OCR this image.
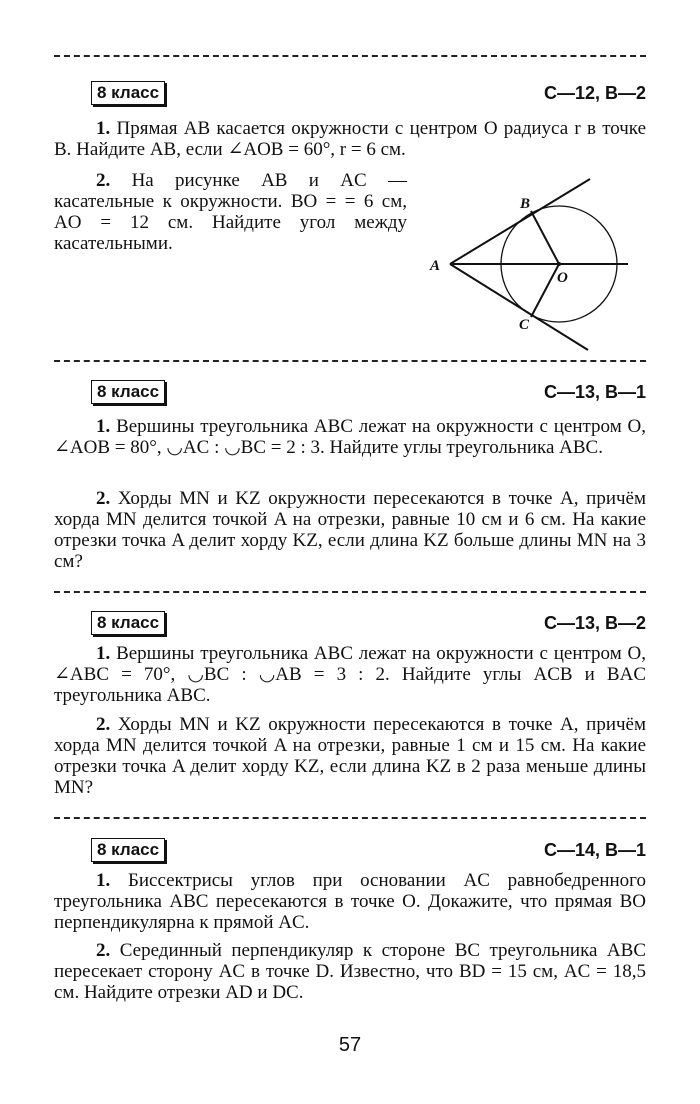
8 класс	С—12, В—2
1. Прямая AB касается окружности с центром O радиуса r в точке B. Найдите AB, если ∠AOB = 60°, r = 6 см.
2. На рисунке AB и AC — касательные к окружности. BO = = 6 см, AO = 12 см. Найдите угол между касательными.
A
B
C
O
8 класс	С—13, В—1
1. Вершины треугольника ABC лежат на окружности с центром O, ∠AOB = 80°, ◡AC : ◡BC = 2 : 3. Найдите углы треугольника ABC.
2. Хорды MN и KZ окружности пересекаются в точке A, причём хорда MN делится точкой A на отрезки, равные 10 см и 6 см. На какие отрезки точка A делит хорду KZ, если длина KZ больше длины MN на 3 см?
8 класс	С—13, В—2
1. Вершины треугольника ABC лежат на окружности с центром O, ∠ABC = 70°, ◡BC : ◡AB = 3 : 2. Найдите углы ACB и BAC треугольника ABC.
2. Хорды MN и KZ окружности пересекаются в точке A, причём хорда MN делится точкой A на отрезки, равные 1 см и 15 см. На какие отрезки точка A делит хорду KZ, если длина KZ в 2 раза меньше длины MN?
8 класс	С—14, В—1
1. Биссектрисы углов при основании AC равнобедренного треугольника ABC пересекаются в точке O. Докажите, что прямая BO перпендикулярна к прямой AC.
2. Серединный перпендикуляр к стороне BC треугольника ABC пересекает сторону AC в точке D. Известно, что BD = 15 см, AC = 18,5 см. Найдите отрезки AD и DC.
57
